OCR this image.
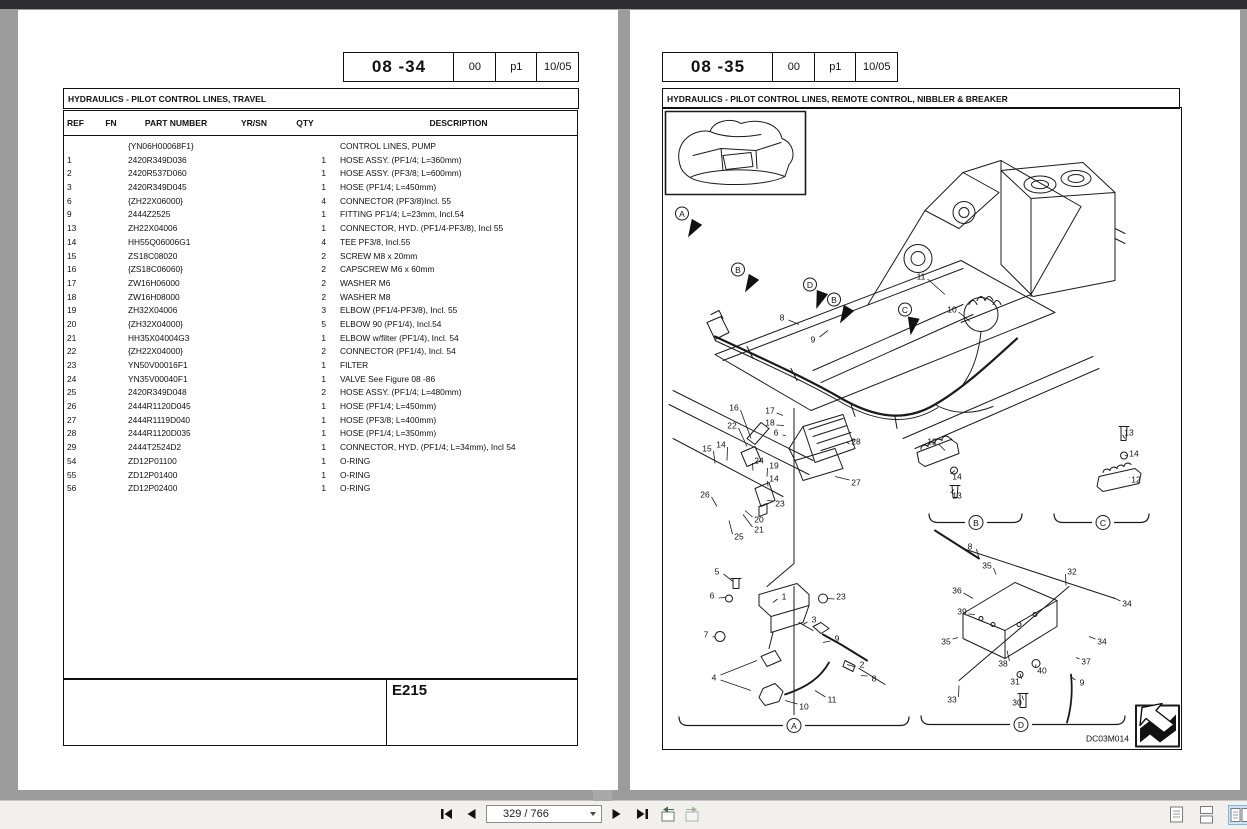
08 -34	00	p1	10/05
HYDRAULICS - PILOT CONTROL LINES, TRAVEL
REF	FN	PART NUMBER	YR/SN	QTY	DESCRIPTION
{YN06H00068F1}	CONTROL LINES, PUMP
1	2420R349D036	1	HOSE ASSY. (PF1/4; L=360mm)
2	2420R537D060	1	HOSE ASSY. (PF3/8; L=600mm)
3	2420R349D045	1	HOSE (PF1/4; L=450mm)
6	{ZH22X06000}	4	CONNECTOR (PF3/8)Incl. 55
9	2444Z2525	1	FITTING PF1/4; L=23mm, Incl.54
13	ZH22X04006	1	CONNECTOR, HYD. (PF1/4-PF3/8), Incl 55
14	HH55Q06006G1	4	TEE PF3/8, Incl.55
15	ZS18C08020	2	SCREW M8 x 20mm
16	{ZS18C06060}	2	CAPSCREW M6 x 60mm
17	ZW16H06000	2	WASHER M6
18	ZW16H08000	2	WASHER M8
19	ZH32X04006	3	ELBOW (PF1/4-PF3/8), Incl. 55
20	{ZH32X04000}	5	ELBOW 90 (PF1/4), Incl.54
21	HH35X04004G3	1	ELBOW w/filter (PF1/4), Incl. 54
22	{ZH22X04000}	2	CONNECTOR (PF1/4), Incl. 54
23	YN50V00016F1	1	FILTER
24	YN35V00040F1	1	VALVE See Figure 08 -86
25	2420R349D048	2	HOSE ASSY. (PF1/4; L=480mm)
26	2444R1120D045	1	HOSE (PF1/4; L=450mm)
27	2444R1119D040	1	HOSE (PF3/8; L=400mm)
28	2444R1120D035	1	HOSE (PF1/4; L=350mm)
29	2444T2524D2	1	CONNECTOR, HYD. (PF1/4; L=34mm), Incl 54
54	ZD12P01100	1	O-RING
55	ZD12P01400	1	O-RING
56	ZD12P02400	1	O-RING
E215
08 -35	00	p1	10/05
HYDRAULICS - PILOT CONTROL LINES, REMOTE CONTROL, NIBBLER & BREAKER
8
9
11
10
16	17
18
6
22
15 14
24 19
14
23
26
20
21
25
28
27
12
14
13
13
14
12
5
6	1	23
3
7	9
2
8
4
10
11
8
35
36
39
35
33
38
31
30
40
32
34
34
37
9
A
B
D
B
C
A	D
B	C
DC03M014
329 / 766
